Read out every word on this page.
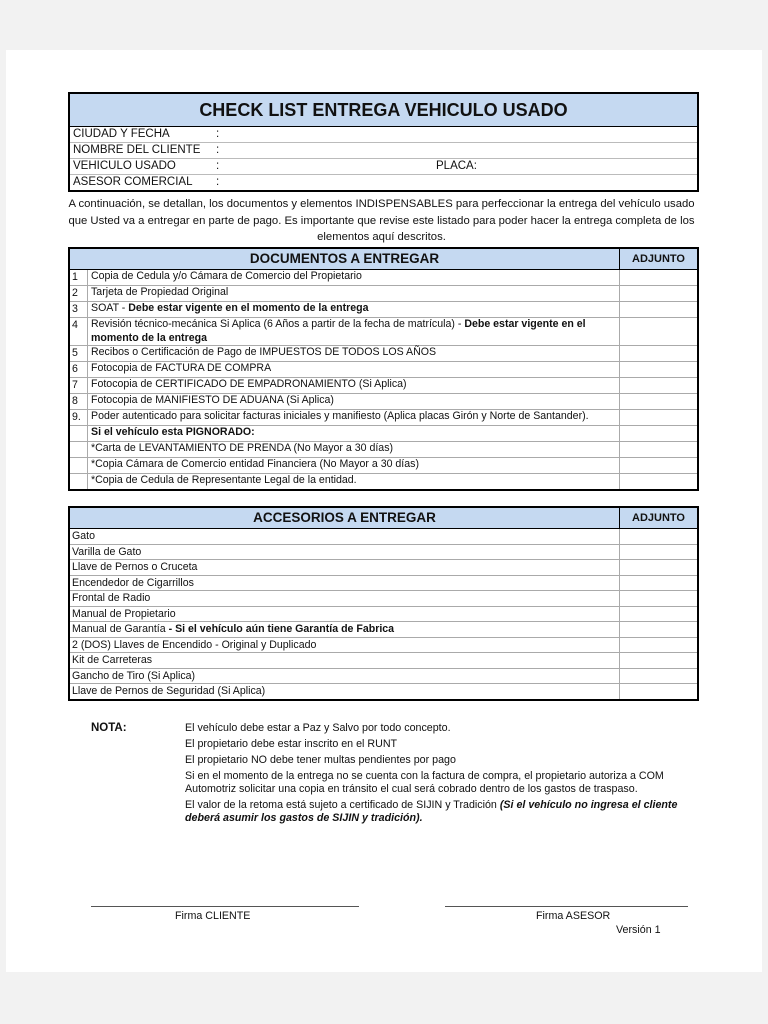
CHECK LIST ENTREGA VEHICULO USADO
CIUDAD Y FECHA	:
NOMBRE DEL CLIENTE :
VEHICULO USADO	:	PLACA:
ASESOR COMERCIAL :
A continuación, se detallan, los documentos y elementos INDISPENSABLES para perfeccionar la entrega del vehículo usado que Usted va a entregar en parte de pago. Es importante que revise este listado para poder hacer la entrega completa de los elementos aquí descritos.
DOCUMENTOS A ENTREGAR	ADJUNTO
1	Copia de Cedula y/o Cámara de Comercio del Propietario
2	Tarjeta de Propiedad Original
3	SOAT - Debe estar vigente en el momento de la entrega
4	Revisión técnico-mecánica Si Aplica (6 Años a partir de la fecha de matrícula) - Debe estar vigente en el momento de la entrega
5	Recibos o Certificación de Pago de IMPUESTOS DE TODOS LOS AÑOS
6	Fotocopia de FACTURA DE COMPRA
7	Fotocopia de CERTIFICADO DE EMPADRONAMIENTO (Si Aplica)
8	Fotocopia de MANIFIESTO DE ADUANA (Si Aplica)
9. Poder autenticado para solicitar facturas iniciales y manifiesto (Aplica placas Girón y Norte de Santander).
Si el vehículo esta PIGNORADO:
*Carta de LEVANTAMIENTO DE PRENDA (No Mayor a 30 días)
*Copia Cámara de Comercio entidad Financiera (No Mayor a 30 días)
*Copia de Cedula de Representante Legal de la entidad.
ACCESORIOS A ENTREGAR	ADJUNTO
Gato
Varilla de Gato
Llave de Pernos o Cruceta
Encendedor de Cigarrillos
Frontal de Radio
Manual de Propietario
Manual de Garantía - Si el vehículo aún tiene Garantía de Fabrica
2 (DOS) Llaves de Encendido - Original y Duplicado
Kit de Carreteras
Gancho de Tiro (Si Aplica)
Llave de Pernos de Seguridad (Si Aplica)
NOTA:	El vehículo debe estar a Paz y Salvo por todo concepto.

El propietario debe estar inscrito en el RUNT

El propietario NO debe tener multas pendientes por pago

Si en el momento de la entrega no se cuenta con la factura de compra, el propietario autoriza a COM Automotriz solicitar una copia en tránsito el cual será cobrado dentro de los gastos de traspaso.

El valor de la retoma está sujeto a certificado de SIJIN y Tradición (Si el vehículo no ingresa el cliente deberá asumir los gastos de SIJIN y tradición).

Firma CLIENTE	Firma ASESOR
Versión 1
